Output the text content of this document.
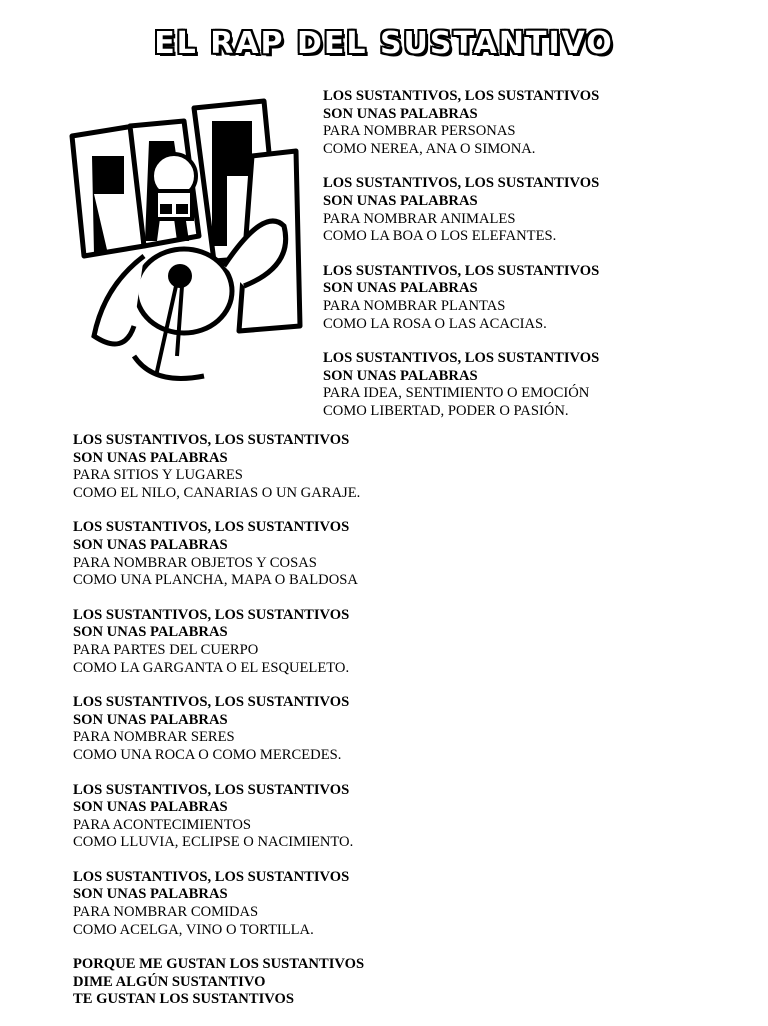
EL RAP DEL SUSTANTIVO
LOS SUSTANTIVOS, LOS SUSTANTIVOS
SON UNAS PALABRAS
PARA NOMBRAR PERSONAS
COMO NEREA, ANA O SIMONA.
LOS SUSTANTIVOS, LOS SUSTANTIVOS
SON UNAS PALABRAS
PARA NOMBRAR ANIMALES
COMO LA BOA O LOS ELEFANTES.
LOS SUSTANTIVOS, LOS SUSTANTIVOS
SON UNAS PALABRAS
PARA NOMBRAR PLANTAS
COMO LA ROSA O LAS ACACIAS.
LOS SUSTANTIVOS, LOS SUSTANTIVOS
SON UNAS PALABRAS
PARA IDEA, SENTIMIENTO O EMOCIÓN
COMO LIBERTAD, PODER O PASIÓN.
LOS SUSTANTIVOS, LOS SUSTANTIVOS
SON UNAS PALABRAS
PARA SITIOS Y LUGARES
COMO EL NILO, CANARIAS O UN GARAJE.
LOS SUSTANTIVOS, LOS SUSTANTIVOS
SON UNAS PALABRAS
PARA NOMBRAR OBJETOS Y COSAS
COMO UNA PLANCHA, MAPA O BALDOSA
LOS SUSTANTIVOS, LOS SUSTANTIVOS
SON UNAS PALABRAS
PARA PARTES DEL CUERPO
COMO LA GARGANTA O EL ESQUELETO.
LOS SUSTANTIVOS, LOS SUSTANTIVOS
SON UNAS PALABRAS
PARA NOMBRAR SERES
COMO UNA ROCA O COMO MERCEDES.
LOS SUSTANTIVOS, LOS SUSTANTIVOS
SON UNAS PALABRAS
PARA ACONTECIMIENTOS
COMO LLUVIA, ECLIPSE O NACIMIENTO.
LOS SUSTANTIVOS, LOS SUSTANTIVOS
SON UNAS PALABRAS
PARA NOMBRAR COMIDAS
COMO ACELGA, VINO O TORTILLA.
PORQUE ME GUSTAN LOS SUSTANTIVOS
DIME ALGÚN SUSTANTIVO
TE GUSTAN LOS SUSTANTIVOS
